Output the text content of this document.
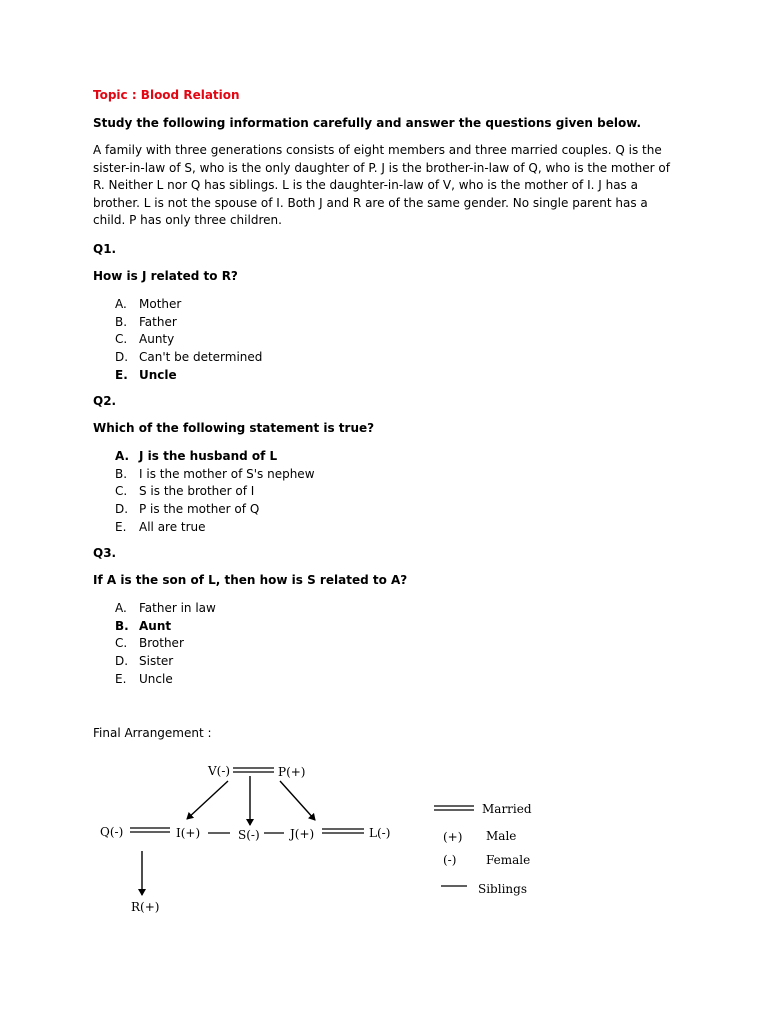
Topic : Blood Relation
Study the following information carefully and answer the questions given below.

A family with three generations consists of eight members and three married couples. Q is the sister-in-law of S, who is the only daughter of P. J is the brother-in-law of Q, who is the mother of R. Neither L nor Q has siblings. L is the daughter-in-law of V, who is the mother of I. J has a brother. L is not the spouse of I. Both J and R are of the same gender. No single parent has a child. P has only three children.

Q1.
How is J related to R?
A.	Mother
B. Father
C. Aunty
D. Can't be determined
E. Uncle
Q2.
Which of the following statement is true?
A. J is the husband of L
B. I is the mother of S's nephew
C. S is the brother of I
D. P is the mother of Q
E.	All are true
Q3.
If A is the son of L, then how is S related to A?
A.	Father in law
B. Aunt
C. Brother
D. Sister
E.	Uncle
Final Arrangement :
V(-)	P(+)
Q(-)	I(+)	S(-)	J(+)	L(-)
R(+)
Married
(+) Male
(-) Female
Siblings
